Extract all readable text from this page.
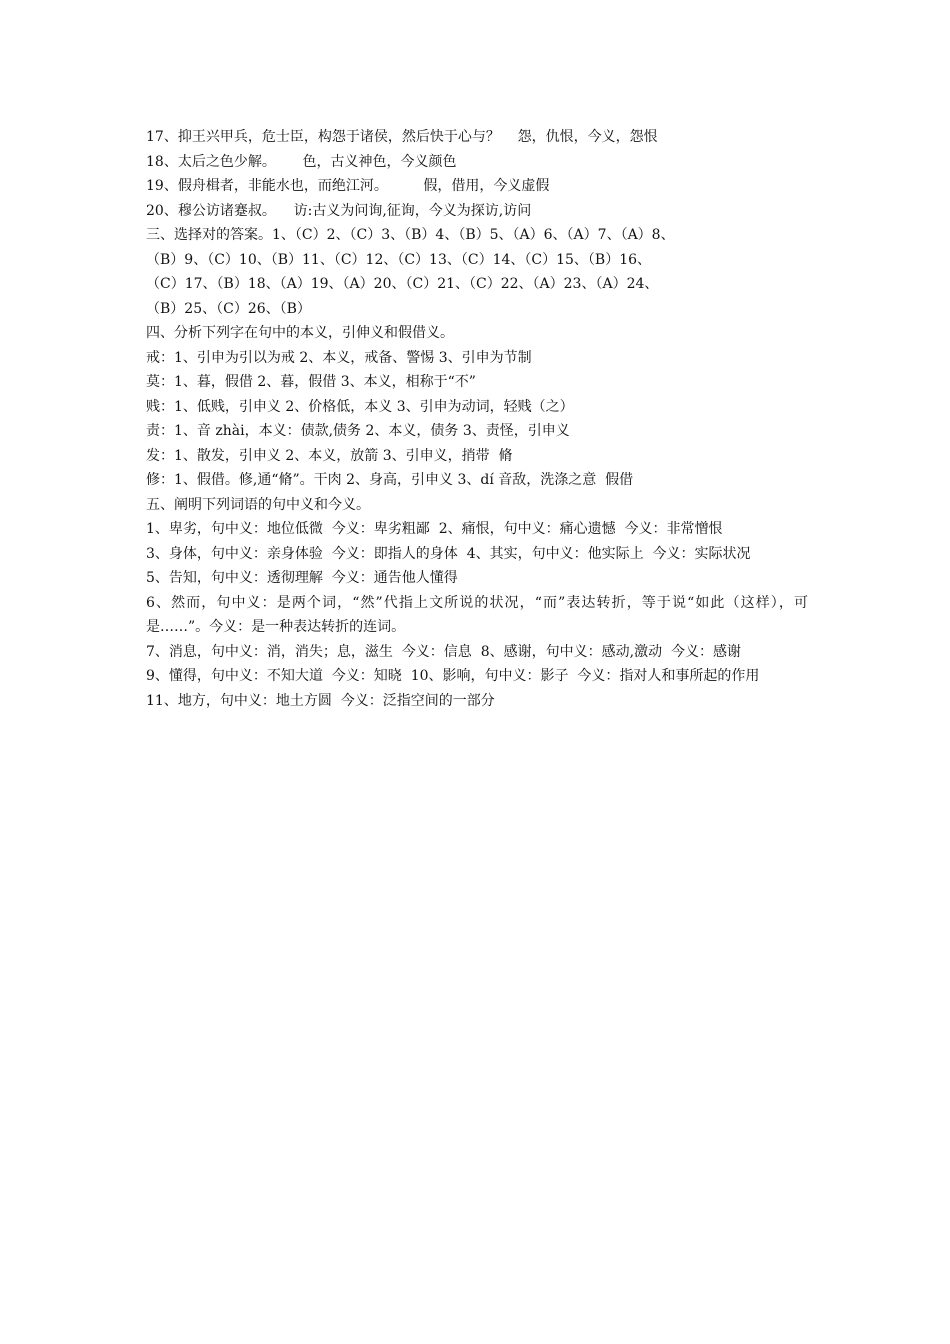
17、抑王兴甲兵，危士臣，构怨于诸侯，然后快于心与？    怨，仇恨，今义，怨恨
18、太后之色少解。      色，古义神色，今义颜色
19、假舟楫者，非能水也，而绝江河。        假，借用，今义虚假
20、穆公访诸蹇叔。    访:古义为问询,征询，今义为探访,访问
三、选择对的答案。1、（C）2、（C）3、（B）4、（B）5、（A）6、（A）7、（A）8、
（B）9、（C）10、（B）11、（C）12、（C）13、（C）14、（C）15、（B）16、
（C）17、（B）18、（A）19、（A）20、（C）21、（C）22、（A）23、（A）24、
（B）25、（C）26、（B）
四、分析下列字在句中的本义，引伸义和假借义。
戒：1、引申为引以为戒 2、本义，戒备、警惕 3、引申为节制
莫：1、暮，假借 2、暮，假借 3、本义，相称于“不”
贱：1、低贱，引申义 2、价格低，本义 3、引申为动词，轻贱（之）
责：1、音 zhài，本义：债款,债务 2、本义，债务 3、责怪，引申义
发：1、散发，引申义 2、本义，放箭 3、引申义，捎带  脩
修：1、假借。修,通“脩”。干肉 2、身高，引申义 3、dí 音敌，洗涤之意  假借
五、阐明下列词语的句中义和今义。
1、卑劣，句中义：地位低微  今义：卑劣粗鄙  2、痛恨，句中义：痛心遗憾  今义：非常憎恨
3、身体，句中义：亲身体验  今义：即指人的身体  4、其实，句中义：他实际上  今义：实际状况
5、告知，句中义：透彻理解  今义：通告他人懂得
6、然而，句中义：是两个词，“然”代指上文所说的状况，“而”表达转折，等于说“如此（这样），可是……”。今义：是一种表达转折的连词。
7、消息，句中义：消，消失；息，滋生  今义：信息  8、感谢，句中义：感动,激动  今义：感谢
9、懂得，句中义：不知大道  今义：知晓  10、影响，句中义：影子  今义：指对人和事所起的作用
11、地方，句中义：地土方圆  今义：泛指空间的一部分
